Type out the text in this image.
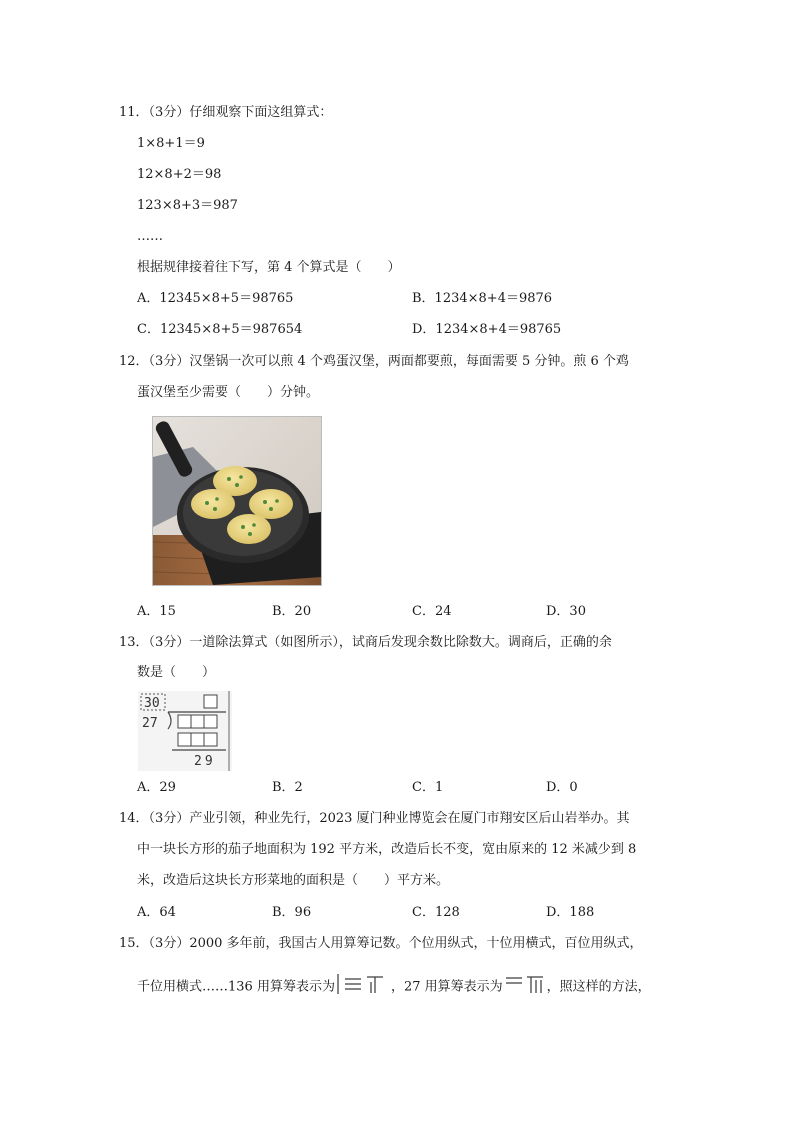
11．（3分）仔细观察下面这组算式：
1×8+1＝9
12×8+2＝98
123×8+3＝987
……
根据规律接着往下写，第 4 个算式是（　　）
A．12345×8+5＝98765	B．1234×8+4＝9876
C．12345×8+5＝987654	D．1234×8+4＝98765
12．（3分）汉堡锅一次可以煎 4 个鸡蛋汉堡，两面都要煎，每面需要 5 分钟。煎 6 个鸡
蛋汉堡至少需要（　　）分钟。
A．15	B．20	C．24	D．30
13．（3分）一道除法算式（如图所示），试商后发现余数比除数大。调商后，正确的余
数是（　　）
30
27
29
A．29	B．2	C．1	D．0
14．（3分）产业引领，种业先行，2023 厦门种业博览会在厦门市翔安区后山岩举办。其
中一块长方形的茄子地面积为 192 平方米，改造后长不变，宽由原来的 12 米减少到 8
米，改造后这块长方形菜地的面积是（　　）平方米。
A．64	B．96	C．128	D．188
15．（3分）2000 多年前，我国古人用算筹记数。个位用纵式，十位用横式，百位用纵式，
千位用横式……136 用算筹表示为	，27 用算筹表示为	，照这样的方法，
